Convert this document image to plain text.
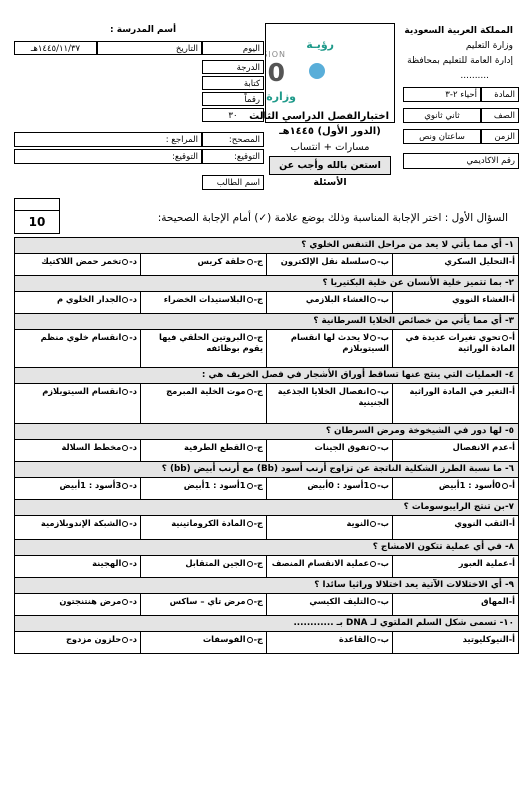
المملكة العربية السعودية
وزارة التعليم
إدارة العامة للتعليم بمحافظة
..........
المادة
أحياء ٢-٣
الصف
ثاني ثانوي
الزمن
ساعتان ونص
رقم الاكاديمي
ION
رؤيـة
0
وزارة
اختبارالفصل الدراسي الثالث
(الدور الأول) ١٤٤٥هـ
مسارات + انتساب
استعن بالله وأجب عن الأسئلة
أسم المدرسة :
اليوم
التاريخ
١٤٤٥/١١/٣٧هـ
الدرجة
كتابة
رقماً
٣٠
المصحح:
المراجع :
التوقيع:
التوقيع:
اسم الطالب
10	السؤال الأول : اختر الإجابة المناسبة وذلك بوضع علامة (✓) أمام الإجابة الصحيحة:
١- أي مما يأتي لا يعد من مراحل التنفس الخلوي ؟
أ-التحليل السكري
ب-سلسلة نقل الإلكترون
ج-حلقة كربس
د-تخمر حمض اللاكتيك
٢- بما تتميز خلية الأنسان عن خلية البكتيريا ؟
أ-الغشاء النووي
ب-الغشاء البلازمي
ج-البلاستيدات الخضراء
د-الجدار الخلوي م
٣- أي مما يأتي من خصائص الخلايا السرطانية ؟
أ-تحوي تغيرات عديدة في المادة الوراثية
ب-لا يحدث لها انقسام السيتوبلازم
ج-البروتين الحلقي فيها يقوم بوظائفه
د-انقسام خلوي منظم
٤- العمليات التي ينتج عنها تساقط أوراق الأشجار في فصل الخريف هي :
أ-التغير في المادة الوراثية
ب-انفصال الخلايا الجذعية الجنينية
ج-موت الخلية المبرمج
د-انقسام السيتوبلازم
٥- لها دور في الشيخوخة ومرض السرطان ؟
أ-عدم الانفصال
ب-تفوق الجينات
ج-القطع الطرفية
د-مخطط السلالة
٦- ما نسبة الطرز الشكلية الناتجة عن تزاوج أرنب أسود (Bb) مع أرنب أبيض (bb) ؟
أ-0أسود : 1أبيض
ب-1أسود : 0أبيض
ج-1أسود : 1أبيض
د-3أسود : 1أبيض
٧-بن تنتج الرايبوسومات ؟
أ-الثقب النووي
ب-النوية
ج-المادة الكروماتينية
د-الشبكة الإندوبلازمية
٨- في أي عملية تتكون الامشاج ؟
أ-عملية العبور
ب-عملية الانقسام المنصف
ج-الجين المتقابل
د-الهجينة
٩- أي الاختلالات الآتية يعد اختلالا وراثيا سائدا ؟
أ-المهاق
ب-التليف الكيسي
ج-مرض تاي – ساكس
د-مرض هنتنجتون
١٠- تسمى شكل السلم الملتوي لـ DNA بـ ............
أ-النيوكليوتيد
ب-القاعدة
ج-الفوسفات
د-حلزون مزدوج
